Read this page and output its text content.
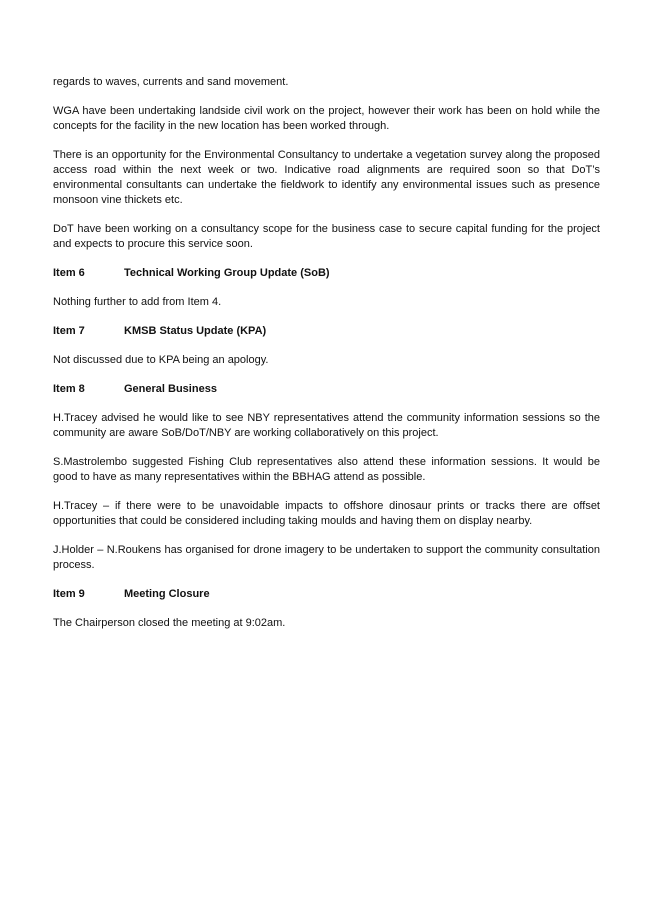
regards to waves, currents and sand movement.

WGA have been undertaking landside civil work on the project, however their work has been on hold while the concepts for the facility in the new location has been worked through.

There is an opportunity for the Environmental Consultancy to undertake a vegetation survey along the proposed access road within the next week or two. Indicative road alignments are required soon so that DoT’s environmental consultants can undertake the fieldwork to identify any environmental issues such as presence monsoon vine thickets etc.

DoT have been working on a consultancy scope for the business case to secure capital funding for the project and expects to procure this service soon.

Item 6	Technical Working Group Update (SoB)

Nothing further to add from Item 4.

Item 7	KMSB Status Update (KPA)

Not discussed due to KPA being an apology.

Item 8	General Business

H.Tracey advised he would like to see NBY representatives attend the community information sessions so the community are aware SoB/DoT/NBY are working collaboratively on this project.

S.Mastrolembo suggested Fishing Club representatives also attend these information sessions. It would be good to have as many representatives within the BBHAG attend as possible.

H.Tracey – if there were to be unavoidable impacts to offshore dinosaur prints or tracks there are offset opportunities that could be considered including taking moulds and having them on display nearby.

J.Holder – N.Roukens has organised for drone imagery to be undertaken to support the community consultation process.

Item 9	Meeting Closure

The Chairperson closed the meeting at 9:02am.
